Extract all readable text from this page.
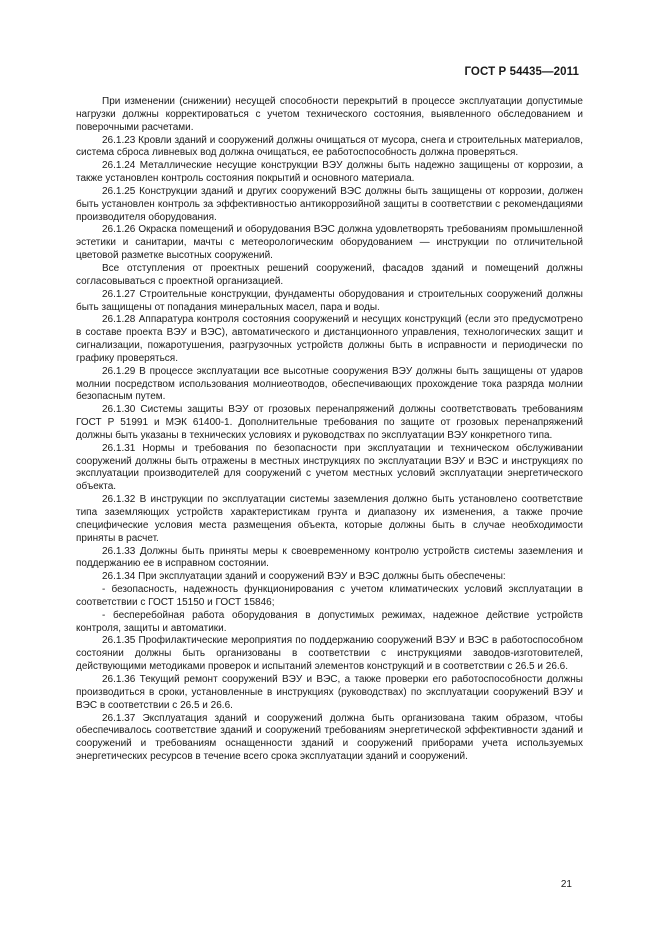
ГОСТ Р 54435—2011

При изменении (снижении) несущей способности перекрытий в процессе эксплуатации допустимые нагрузки должны корректироваться с учетом технического состояния, выявленного обследованием и поверочными расчетами.

26.1.23 Кровли зданий и сооружений должны очищаться от мусора, снега и строительных материалов, система сброса ливневых вод должна очищаться, ее работоспособность должна проверяться.

26.1.24 Металлические несущие конструкции ВЭУ должны быть надежно защищены от коррозии, а также установлен контроль состояния покрытий и основного материала.

26.1.25 Конструкции зданий и других сооружений ВЭС должны быть защищены от коррозии, должен быть установлен контроль за эффективностью антикоррозийной защиты в соответствии с рекомендациями производителя оборудования.

26.1.26 Окраска помещений и оборудования ВЭС должна удовлетворять требованиям промышленной эстетики и санитарии, мачты с метеорологическим оборудованием — инструкции по отличительной цветовой разметке высотных сооружений.

Все отступления от проектных решений сооружений, фасадов зданий и помещений должны согласовываться с проектной организацией.

26.1.27 Строительные конструкции, фундаменты оборудования и строительных сооружений должны быть защищены от попадания минеральных масел, пара и воды.

26.1.28 Аппаратура контроля состояния сооружений и несущих конструкций (если это предусмотрено в составе проекта ВЭУ и ВЭС), автоматического и дистанционного управления, технологических защит и сигнализации, пожаротушения, разгрузочных устройств должны быть в исправности и периодически по графику проверяться.

26.1.29 В процессе эксплуатации все высотные сооружения ВЭУ должны быть защищены от ударов молнии посредством использования молниеотводов, обеспечивающих прохождение тока разряда молнии безопасным путем.

26.1.30 Системы защиты ВЭУ от грозовых перенапряжений должны соответствовать требованиям ГОСТ Р 51991 и МЭК 61400-1. Дополнительные требования по защите от грозовых перенапряжений должны быть указаны в технических условиях и руководствах по эксплуатации ВЭУ конкретного типа.

26.1.31 Нормы и требования по безопасности при эксплуатации и техническом обслуживании сооружений должны быть отражены в местных инструкциях по эксплуатации ВЭУ и ВЭС и инструкциях по эксплуатации производителей для сооружений с учетом местных условий эксплуатации энергетического объекта.

26.1.32 В инструкции по эксплуатации системы заземления должно быть установлено соответствие типа заземляющих устройств характеристикам грунта и диапазону их изменения, а также прочие специфические условия места размещения объекта, которые должны быть в случае необходимости приняты в расчет.

26.1.33 Должны быть приняты меры к своевременному контролю устройств системы заземления и поддержанию ее в исправном состоянии.

26.1.34 При эксплуатации зданий и сооружений ВЭУ и ВЭС должны быть обеспечены:

- безопасность, надежность функционирования с учетом климатических условий эксплуатации в соответствии с ГОСТ 15150 и ГОСТ 15846;

- бесперебойная работа оборудования в допустимых режимах, надежное действие устройств контроля, защиты и автоматики.

26.1.35 Профилактические мероприятия по поддержанию сооружений ВЭУ и ВЭС в работоспособном состоянии должны быть организованы в соответствии с инструкциями заводов-изготовителей, действующими методиками проверок и испытаний элементов конструкций и в соответствии с 26.5 и 26.6.

26.1.36 Текущий ремонт сооружений ВЭУ и ВЭС, а также проверки его работоспособности должны производиться в сроки, установленные в инструкциях (руководствах) по эксплуатации сооружений ВЭУ и ВЭС в соответствии с 26.5 и 26.6.

26.1.37 Эксплуатация зданий и сооружений должна быть организована таким образом, чтобы обеспечивалось соответствие зданий и сооружений требованиям энергетической эффективности зданий и сооружений и требованиям оснащенности зданий и сооружений приборами учета используемых энергетических ресурсов в течение всего срока эксплуатации зданий и сооружений.

21
